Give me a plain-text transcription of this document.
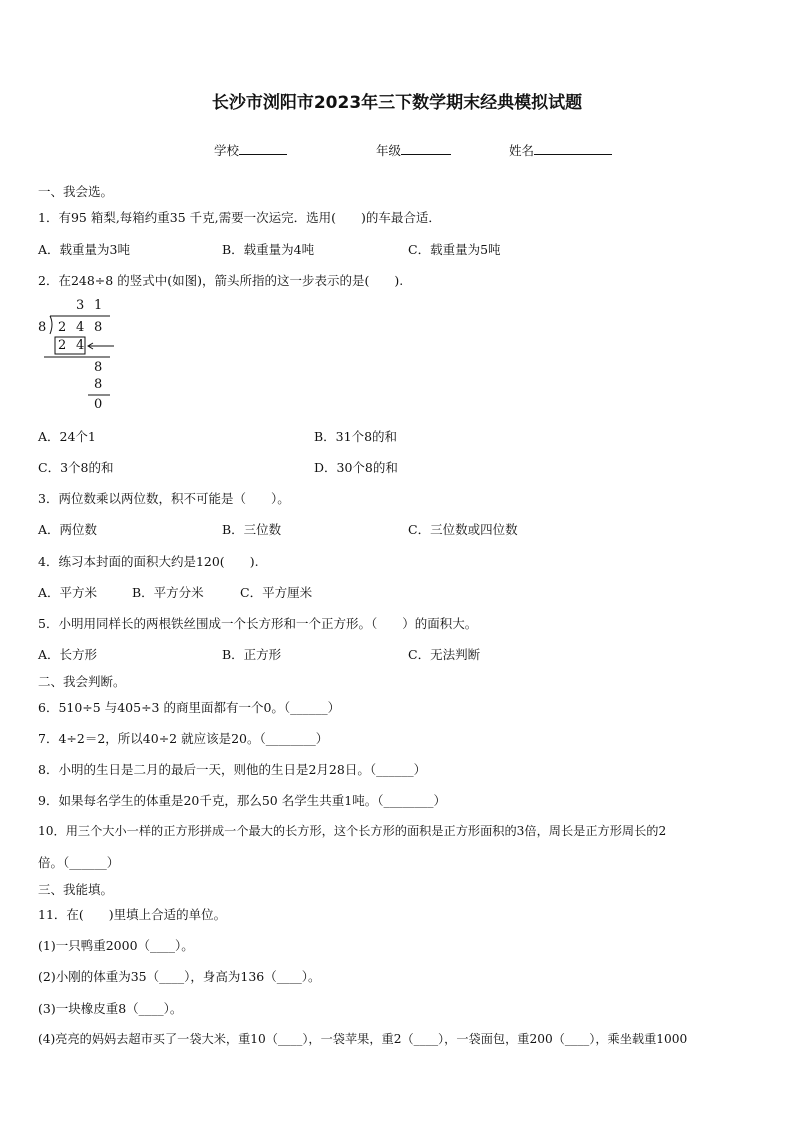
长沙市浏阳市2023年三下数学期末经典模拟试题
学校	年级	姓名
一、我会选。
1．有95 箱梨,每箱约重35 千克,需要一次运完．选用(　　)的车最合适．
A．载重量为3吨	B．载重量为4吨	C．载重量为5吨
2．在248÷8 的竖式中(如图)，箭头所指的这一步表示的是(　　).
3 1
8 2 4 8
2 4
8
8
0
A．24个1	B．31个8的和
C．3个8的和	D．30个8的和
3．两位数乘以两位数，积不可能是（　　）。
A．两位数	B．三位数	C．三位数或四位数
4．练习本封面的面积大约是120(　　).
A．平方米	B．平方分米	C．平方厘米
5．小明用同样长的两根铁丝围成一个长方形和一个正方形。（　　）的面积大。
A．长方形	B．正方形	C．无法判断
二、我会判断。
6．510÷5 与405÷3 的商里面都有一个0。（______）
7．4÷2＝2，所以40÷2 就应该是20。（________）
8．小明的生日是二月的最后一天，则他的生日是2月28日。（______）
9．如果每名学生的体重是20千克，那么50 名学生共重1吨。（________）
10．用三个大小一样的正方形拼成一个最大的长方形，这个长方形的面积是正方形面积的3倍，周长是正方形周长的2
倍。（______）
三、我能填。
11．在(　　)里填上合适的单位。
(1)一只鸭重2000（____）。
(2)小刚的体重为35（____），身高为136（____）。
(3)一块橡皮重8（____）。
(4)亮亮的妈妈去超市买了一袋大米，重10（____），一袋苹果，重2（____），一袋面包，重200（____），乘坐载重1000
